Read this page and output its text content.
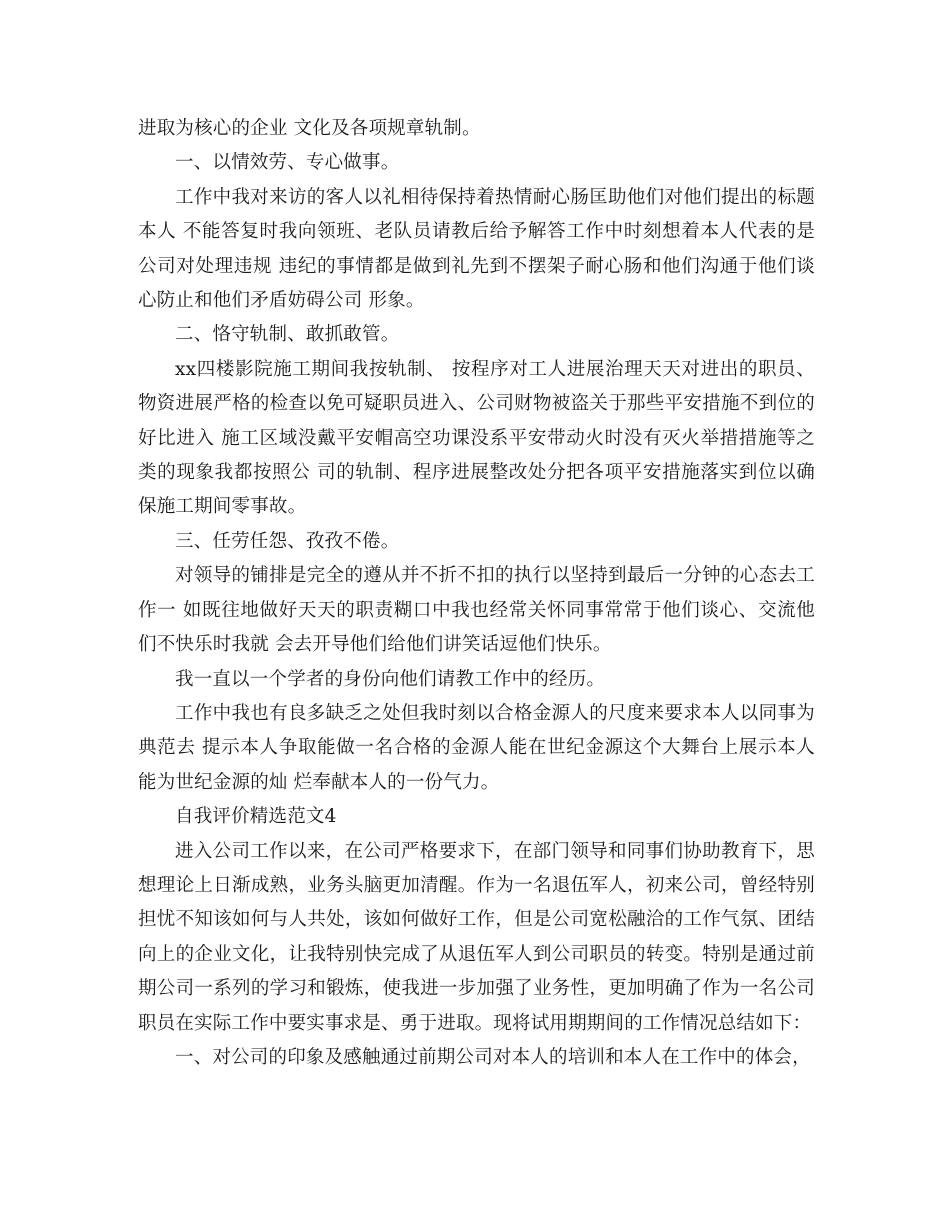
进取为核心的企业 文化及各项规章轨制。

一、以情效劳、专心做事。

工作中我对来访的客人以礼相待保持着热情耐心肠匡助他们对他们提出的标题本人 不能答复时我向领班、老队员请教后给予解答工作中时刻想着本人代表的是公司对处理违规 违纪的事情都是做到礼先到不摆架子耐心肠和他们沟通于他们谈心防止和他们矛盾妨碍公司 形象。

二、恪守轨制、敢抓敢管。

xx四楼影院施工期间我按轨制、 按程序对工人进展治理天天对进出的职员、物资进展严格的检查以免可疑职员进入、公司财物被盗关于那些平安措施不到位的好比进入 施工区域没戴平安帽高空功课没系平安带动火时没有灭火举措措施等之类的现象我都按照公 司的轨制、程序进展整改处分把各项平安措施落实到位以确保施工期间零事故。

三、任劳任怨、孜孜不倦。

对领导的铺排是完全的遵从并不折不扣的执行以坚持到最后一分钟的心态去工作一 如既往地做好天天的职责糊口中我也经常关怀同事常常于他们谈心、交流他们不快乐时我就 会去开导他们给他们讲笑话逗他们快乐。

我一直以一个学者的身份向他们请教工作中的经历。

工作中我也有良多缺乏之处但我时刻以合格金源人的尺度来要求本人以同事为典范去 提示本人争取能做一名合格的金源人能在世纪金源这个大舞台上展示本人能为世纪金源的灿 烂奉献本人的一份气力。

自我评价精选范文4

进入公司工作以来，在公司严格要求下，在部门领导和同事们协助教育下，思想理论上日渐成熟，业务头脑更加清醒。作为一名退伍军人，初来公司，曾经特别担忧不知该如何与人共处，该如何做好工作，但是公司宽松融洽的工作气氛、团结向上的企业文化，让我特别快完成了从退伍军人到公司职员的转变。特别是通过前期公司一系列的学习和锻炼，使我进一步加强了业务性，更加明确了作为一名公司职员在实际工作中要实事求是、勇于进取。现将试用期期间的工作情况总结如下：

一、对公司的印象及感触通过前期公司对本人的培训和本人在工作中的体会，
